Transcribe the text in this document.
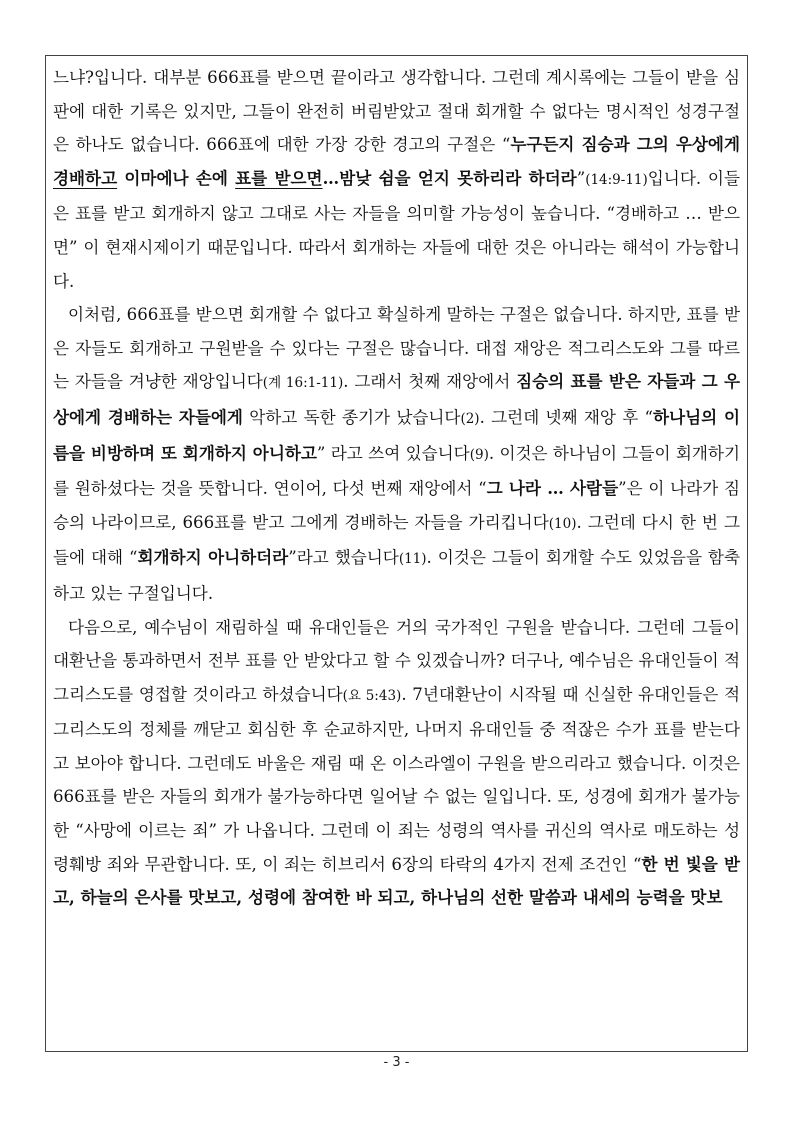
느냐?입니다. 대부분 666표를 받으면 끝이라고 생각합니다. 그런데 계시록에는 그들이 받을 심판에 대한 기록은 있지만, 그들이 완전히 버림받았고 절대 회개할 수 없다는 명시적인 성경구절은 하나도 없습니다. 666표에 대한 가장 강한 경고의 구절은 “누구든지 짐승과 그의 우상에게 경배하고 이마에나 손에 표를 받으면…밤낮 쉼을 얻지 못하리라 하더라”(14:9-11)입니다. 이들은 표를 받고 회개하지 않고 그대로 사는 자들을 의미할 가능성이 높습니다. “경배하고 … 받으면” 이 현재시제이기 때문입니다. 따라서 회개하는 자들에 대한 것은 아니라는 해석이 가능합니다.

이처럼, 666표를 받으면 회개할 수 없다고 확실하게 말하는 구절은 없습니다. 하지만, 표를 받은 자들도 회개하고 구원받을 수 있다는 구절은 많습니다. 대접 재앙은 적그리스도와 그를 따르는 자들을 겨냥한 재앙입니다(계 16:1-11). 그래서 첫째 재앙에서 짐승의 표를 받은 자들과 그 우상에게 경배하는 자들에게 악하고 독한 종기가 났습니다(2). 그런데 넷째 재앙 후 “하나님의 이름을 비방하며 또 회개하지 아니하고” 라고 쓰여 있습니다(9). 이것은 하나님이 그들이 회개하기를 원하셨다는 것을 뜻합니다. 연이어, 다섯 번째 재앙에서 “그 나라 … 사람들”은 이 나라가 짐승의 나라이므로, 666표를 받고 그에게 경배하는 자들을 가리킵니다(10). 그런데 다시 한 번 그들에 대해 “회개하지 아니하더라”라고 했습니다(11). 이것은 그들이 회개할 수도 있었음을 함축하고 있는 구절입니다.

다음으로, 예수님이 재림하실 때 유대인들은 거의 국가적인 구원을 받습니다. 그런데 그들이 대환난을 통과하면서 전부 표를 안 받았다고 할 수 있겠습니까? 더구나, 예수님은 유대인들이 적그리스도를 영접할 것이라고 하셨습니다(요 5:43). 7년대환난이 시작될 때 신실한 유대인들은 적그리스도의 정체를 깨닫고 회심한 후 순교하지만, 나머지 유대인들 중 적잖은 수가 표를 받는다고 보아야 합니다. 그런데도 바울은 재림 때 온 이스라엘이 구원을 받으리라고 했습니다. 이것은 666표를 받은 자들의 회개가 불가능하다면 일어날 수 없는 일입니다. 또, 성경에 회개가 불가능한 “사망에 이르는 죄” 가 나옵니다. 그런데 이 죄는 성령의 역사를 귀신의 역사로 매도하는 성령훼방 죄와 무관합니다. 또, 이 죄는 히브리서 6장의 타락의 4가지 전제 조건인 “한 번 빛을 받고, 하늘의 은사를 맛보고, 성령에 참여한 바 되고, 하나님의 선한 말씀과 내세의 능력을 맛보

- 3 -
